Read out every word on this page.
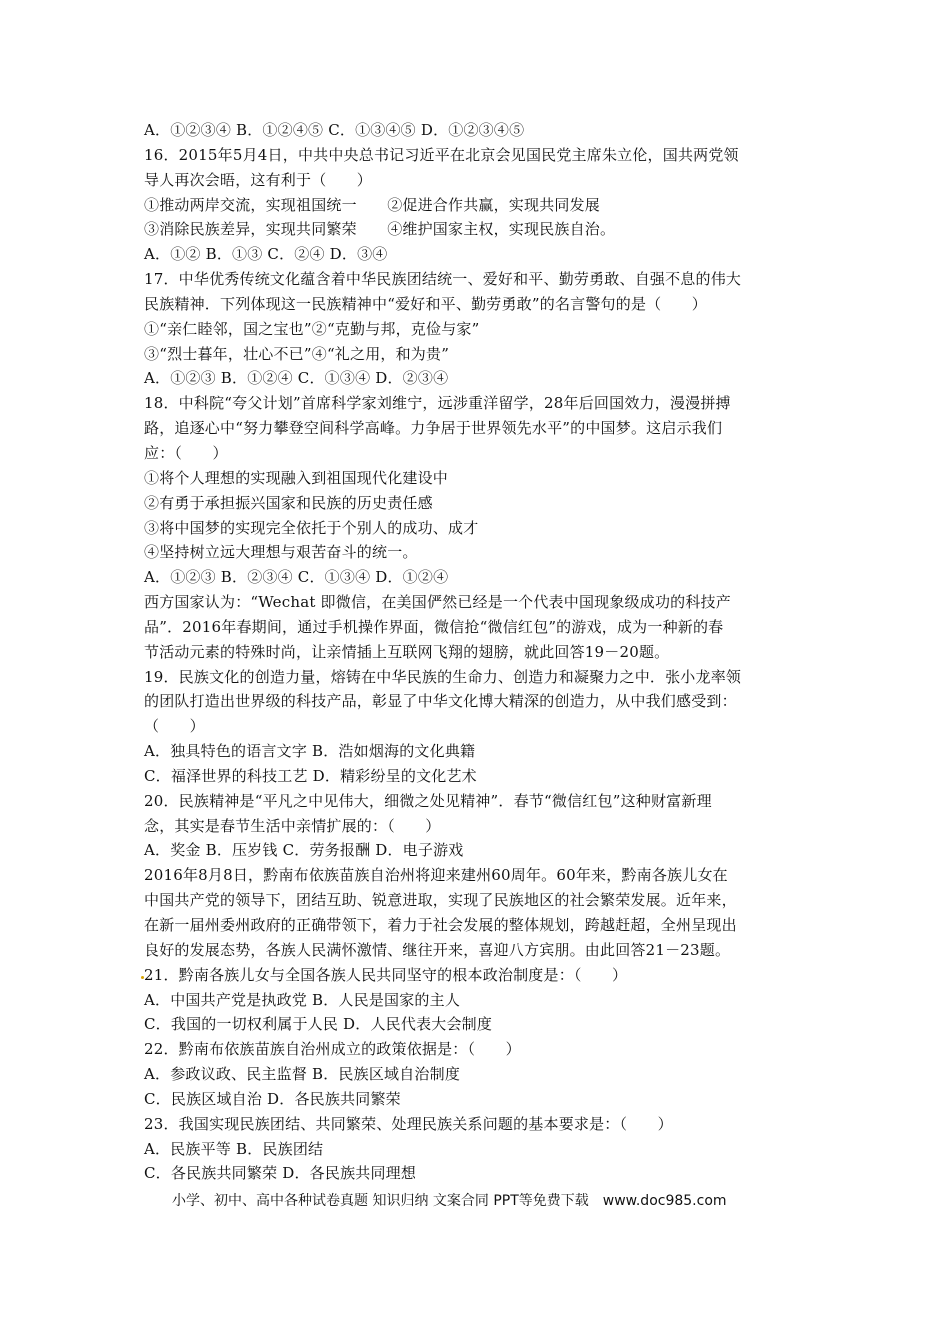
A．①②③④ B．①②④⑤ C．①③④⑤ D．①②③④⑤
16．2015年5月4日，中共中央总书记习近平在北京会见国民党主席朱立伦，国共两党领
导人再次会晤，这有利于（　　）
①推动两岸交流，实现祖国统一　　②促进合作共赢，实现共同发展
③消除民族差异，实现共同繁荣　　④维护国家主权，实现民族自治。
A．①② B．①③ C．②④ D．③④
17．中华优秀传统文化蕴含着中华民族团结统一、爱好和平、勤劳勇敢、自强不息的伟大
民族精神．下列体现这一民族精神中“爱好和平、勤劳勇敢”的名言警句的是（　　）
①“亲仁睦邻，国之宝也”②“克勤与邦，克俭与家”
③“烈士暮年，壮心不已”④“礼之用，和为贵”
A．①②③ B．①②④ C．①③④ D．②③④
18．中科院“夸父计划”首席科学家刘维宁，远涉重洋留学，28年后回国效力，漫漫拼搏
路，追逐心中“努力攀登空间科学高峰。力争居于世界领先水平”的中国梦。这启示我们
应：（　　）
①将个人理想的实现融入到祖国现代化建设中
②有勇于承担振兴国家和民族的历史责任感
③将中国梦的实现完全依托于个别人的成功、成才
④坚持树立远大理想与艰苦奋斗的统一。
A．①②③ B．②③④ C．①③④ D．①②④
西方国家认为：“Wechat 即微信，在美国俨然已经是一个代表中国现象级成功的科技产
品”．2016年春期间，通过手机操作界面，微信抢“微信红包”的游戏，成为一种新的春
节活动元素的特殊时尚，让亲情插上互联网飞翔的翅膀，就此回答19－20题。
19．民族文化的创造力量，熔铸在中华民族的生命力、创造力和凝聚力之中．张小龙率领
的团队打造出世界级的科技产品，彰显了中华文化博大精深的创造力，从中我们感受到：
（　　）
A．独具特色的语言文字 B．浩如烟海的文化典籍
C．福泽世界的科技工艺 D．精彩纷呈的文化艺术
20．民族精神是“平凡之中见伟大，细微之处见精神”．春节“微信红包”这种财富新理
念，其实是春节生活中亲情扩展的：（　　）
A．奖金 B．压岁钱 C．劳务报酬 D．电子游戏
2016年8月8日，黔南布依族苗族自治州将迎来建州60周年。60年来，黔南各族儿女在
中国共产党的领导下，团结互助、锐意进取，实现了民族地区的社会繁荣发展。近年来，
在新一届州委州政府的正确带领下，着力于社会发展的整体规划，跨越赶超，全州呈现出
良好的发展态势，各族人民满怀激情、继往开来，喜迎八方宾朋。由此回答21－23题。
21．黔南各族儿女与全国各族人民共同坚守的根本政治制度是：（　　）
A．中国共产党是执政党 B．人民是国家的主人
C．我国的一切权利属于人民 D．人民代表大会制度
22．黔南布依族苗族自治州成立的政策依据是：（　　）
A．参政议政、民主监督 B．民族区域自治制度
C．民族区域自治 D．各民族共同繁荣
23．我国实现民族团结、共同繁荣、处理民族关系问题的基本要求是：（　　）
A．民族平等 B．民族团结
C．各民族共同繁荣 D．各民族共同理想
小学、初中、高中各种试卷真题 知识归纳 文案合同 PPT等免费下载　www.doc985.com
